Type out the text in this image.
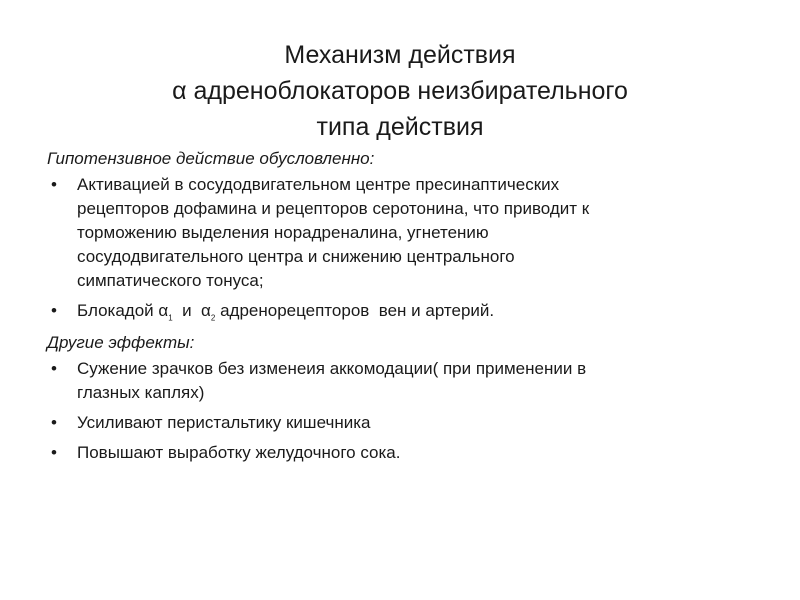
Механизм действия
α адреноблокаторов неизбирательного
типа действия

Гипотензивное действие обусловленно:

• Активацией в сосудодвигательном центре пресинаптических
рецепторов дофамина и рецепторов серотонина, что приводит к
торможению выделения норадреналина, угнетению
сосудодвигательного центра и снижению центрального
симпатического тонуса;
• Блокадой $\alpha_1$  и  $\alpha_2$ адренорецепторов  вен и артерий.

Другие эффекты:

• Сужение зрачков без изменеия аккомодации( при применении в
глазных каплях)
• Усиливают перистальтику кишечника
• Повышают выработку желудочного сока.
